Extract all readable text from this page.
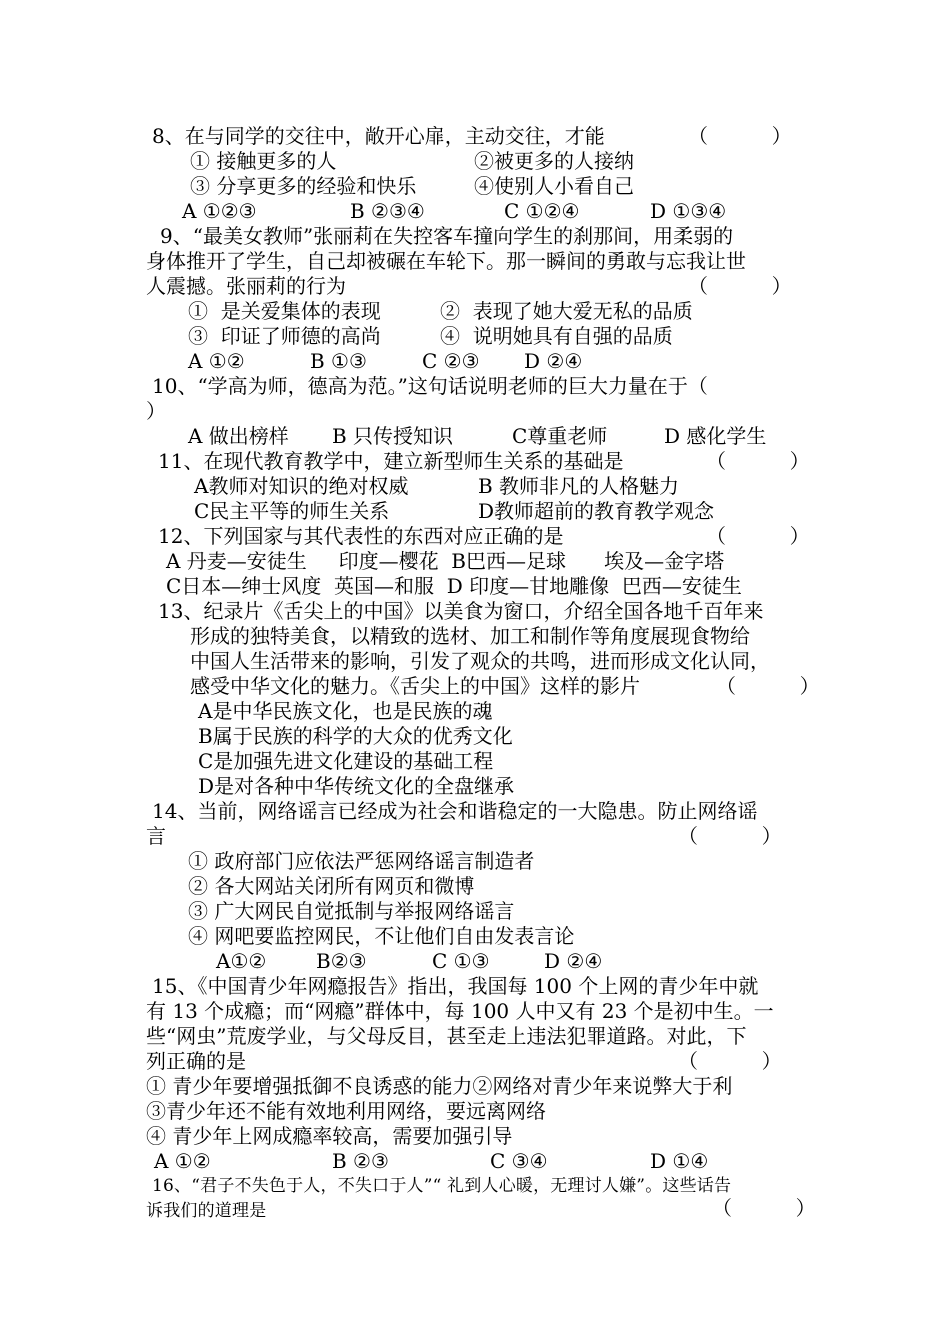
8、在与同学的交往中，敞开心扉，主动交往，才能	（          ）
① 接触更多的人	②被更多的人接纳
③ 分享更多的经验和快乐	④使别人小看自己
A ①②③	B ②③④	C ①②④	D ①③④
9、“最美女教师”张丽莉在失控客车撞向学生的刹那间，用柔弱的
身体推开了学生，自己却被碾在车轮下。那一瞬间的勇敢与忘我让世
人震撼。张丽莉的行为	（          ）
①  是关爱集体的表现	②  表现了她大爱无私的品质
③  印证了师德的高尚	④  说明她具有自强的品质
A ①②	B ①③	C ②③ D ②④
10、“学高为师，德高为范。”这句话说明老师的巨大力量在于（
）
A 做出榜样 B 只传授知识	C尊重老师	D 感化学生
11、在现代教育教学中，建立新型师生关系的基础是	（          ）
A教师对知识的绝对权威	B 教师非凡的人格魅力
C民主平等的师生关系	D教师超前的教育教学观念
12、下列国家与其代表性的东西对应正确的是	（          ）
A 丹麦—安徒生     印度—樱花  B巴西—足球      埃及—金字塔
C日本—绅士风度  英国—和服  D 印度—甘地雕像  巴西—安徒生
13、纪录片《舌尖上的中国》以美食为窗口，介绍全国各地千百年来
形成的独特美食，以精致的选材、加工和制作等角度展现食物给
中国人生活带来的影响，引发了观众的共鸣，进而形成文化认同，
感受中华文化的魅力。《舌尖上的中国》这样的影片	（          ）
A是中华民族文化，也是民族的魂
B属于民族的科学的大众的优秀文化
C是加强先进文化建设的基础工程
D是对各种中华传统文化的全盘继承
14、当前，网络谣言已经成为社会和谐稳定的一大隐患。防止网络谣
言	（          ）
① 政府部门应依法严惩网络谣言制造者
② 各大网站关闭所有网页和微博
③ 广大网民自觉抵制与举报网络谣言
④ 网吧要监控网民，不让他们自由发表言论
A①② B②③	C ①③	D ②④
15、《中国青少年网瘾报告》指出，我国每 100 个上网的青少年中就
有 13 个成瘾；而“网瘾”群体中，每 100 人中又有 23 个是初中生。一
些“网虫”荒废学业，与父母反目，甚至走上违法犯罪道路。对此，下
列正确的是	（          ）
① 青少年要增强抵御不良诱惑的能力②网络对青少年来说弊大于利
③青少年还不能有效地利用网络，要远离网络
④ 青少年上网成瘾率较高，需要加强引导
A ①②	B ②③	C ③④	D ①④
16、“君子不失色于人，不失口于人”“ 礼到人心暖，无理讨人嫌”。这些话告
诉我们的道理是	（          ）
